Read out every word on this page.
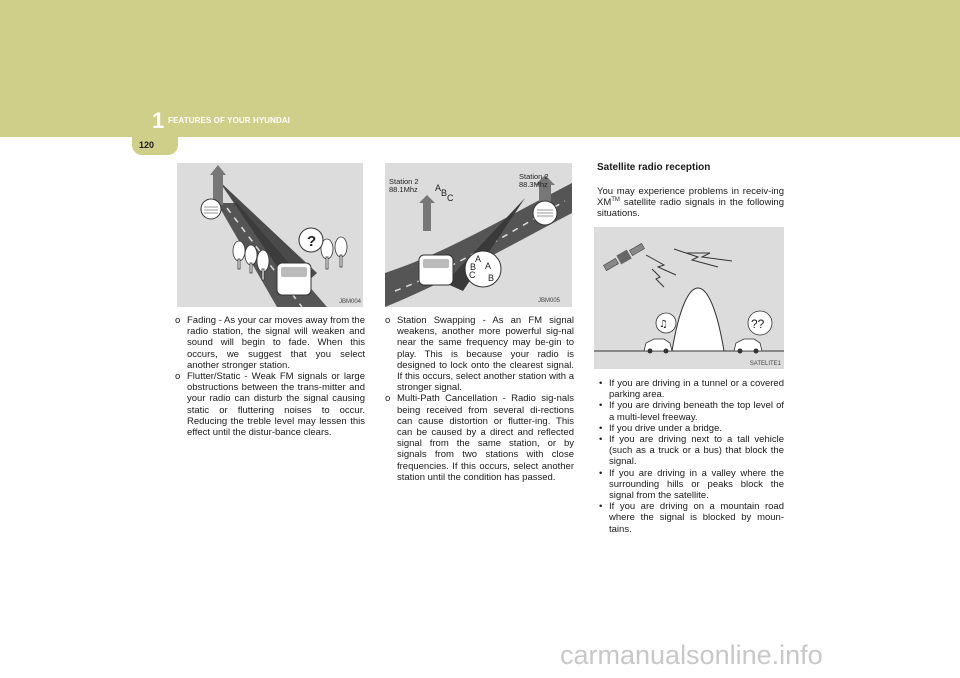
1 FEATURES OF YOUR HYUNDAI
120
?
JBM004
A B C
A
B
C
A
B
Station 2
88.1Mhz
Station 2
88.3Mhz
JBM005
♫	??
SATELITE1
o Fading - As your car moves away from the radio station, the signal will weaken and sound will begin to fade. When this occurs, we suggest that you select another stronger station.
o Flutter/Static - Weak FM signals or large obstructions between the trans-mitter and your radio can disturb the signal causing static or fluttering noises to occur. Reducing the treble level may lessen this effect until the distur-bance clears.
o Station Swapping - As an FM signal weakens, another more powerful sig-nal near the same frequency may be-gin to play. This is because your radio is designed to lock onto the clearest signal. If this occurs, select another station with a stronger signal.
o Multi-Path Cancellation - Radio sig-nals being received from several di-rections can cause distortion or flutter-ing. This can be caused by a direct and reflected signal from the same station, or by signals from two stations with close frequencies. If this occurs, select another station until the condition has passed.
Satellite radio reception
You may experience problems in receiv-ing XM™ satellite radio signals in the following situations.
• If you are driving in a tunnel or a covered parking area.
• If you are driving beneath the top level of a multi-level freeway.
• If you drive under a bridge.
• If you are driving next to a tall vehicle (such as a truck or a bus) that block the signal.
• If you are driving in a valley where the surrounding hills or peaks block the signal from the satellite.
• If you are driving on a mountain road where the signal is blocked by moun-tains.
carmanualsonline.info
